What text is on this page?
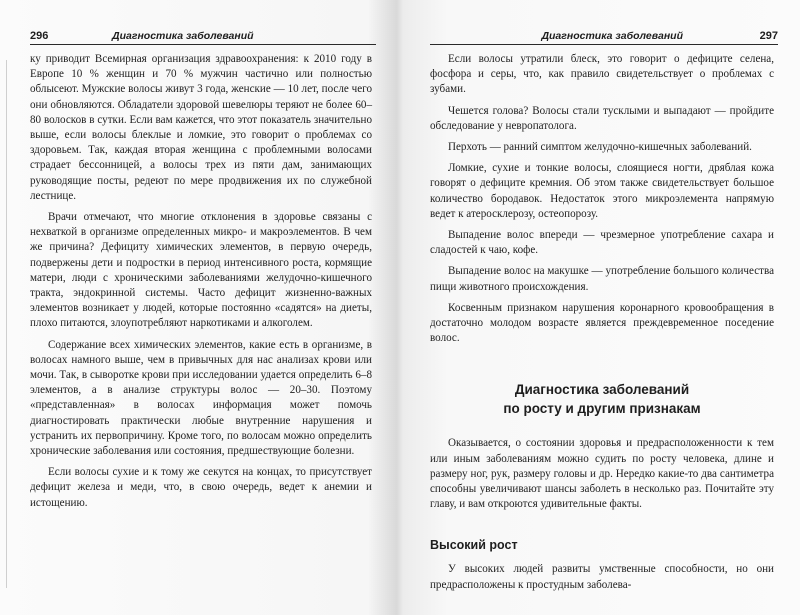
296	Диагностика заболеваний

ку приводит Всемирная организация здравоохранения: к 2010 году в Европе 10 % женщин и 70 % мужчин частично или полностью облысеют. Мужские волосы живут 3 года, женские — 10 лет, после чего они обновляются. Обладатели здоровой шевелюры теряют не более 60–80 волосков в сутки. Если вам кажется, что этот показатель значительно выше, если волосы блеклые и ломкие, это говорит о проблемах со здоровьем. Так, каждая вторая женщина с проблемными волосами страдает бессонницей, а волосы трех из пяти дам, занимающих руководящие посты, редеют по мере продвижения их по служебной лестнице.

Врачи отмечают, что многие отклонения в здоровье связаны с нехваткой в организме определенных микро- и макроэлементов. В чем же причина? Дефициту химических элементов, в первую очередь, подвержены дети и подростки в период интенсивного роста, кормящие матери, люди с хроническими заболеваниями желудочно-кишечного тракта, эндокринной системы. Часто дефицит жизненно-важных элементов возникает у людей, которые постоянно «садятся» на диеты, плохо питаются, злоупотребляют наркотиками и алкоголем.

Содержание всех химических элементов, какие есть в организме, в волосах намного выше, чем в привычных для нас анализах крови или мочи. Так, в сыворотке крови при исследовании удается определить 6–8 элементов, а в анализе структуры волос — 20–30. Поэтому «представленная» в волосах информация может помочь диагностировать практически любые внутренние нарушения и устранить их первопричину. Кроме того, по волосам можно определить хронические заболевания или состояния, предшествующие болезни.

Если волосы сухие и к тому же секутся на концах, то присутствует дефицит железа и меди, что, в свою очередь, ведет к анемии и истощению.

Диагностика заболеваний	297

Если волосы утратили блеск, это говорит о дефиците селена, фосфора и серы, что, как правило свидетельствует о проблемах с зубами.

Чешется голова? Волосы стали тусклыми и выпадают — пройдите обследование у невропатолога.

Перхоть — ранний симптом желудочно-кишечных заболеваний.

Ломкие, сухие и тонкие волосы, слоящиеся ногти, дряблая кожа говорят о дефиците кремния. Об этом также свидетельствует большое количество бородавок. Недостаток этого микроэлемента напрямую ведет к атеросклерозу, остеопорозу.

Выпадение волос впереди — чрезмерное употребление сахара и сладостей к чаю, кофе.

Выпадение волос на макушке — употребление большого количества пищи животного происхождения.

Косвенным признаком нарушения коронарного кровообращения в достаточно молодом возрасте является преждевременное поседение волос.

Диагностика заболеваний
по росту и другим признакам

Оказывается, о состоянии здоровья и предрасположенности к тем или иным заболеваниям можно судить по росту человека, длине и размеру ног, рук, размеру головы и др. Нередко какие-то два сантиметра способны увеличивают шансы заболеть в несколько раз. Почитайте эту главу, и вам откроются удивительные факты.

Высокий рост

У высоких людей развиты умственные способности, но они предрасположены к простудным заболева-
